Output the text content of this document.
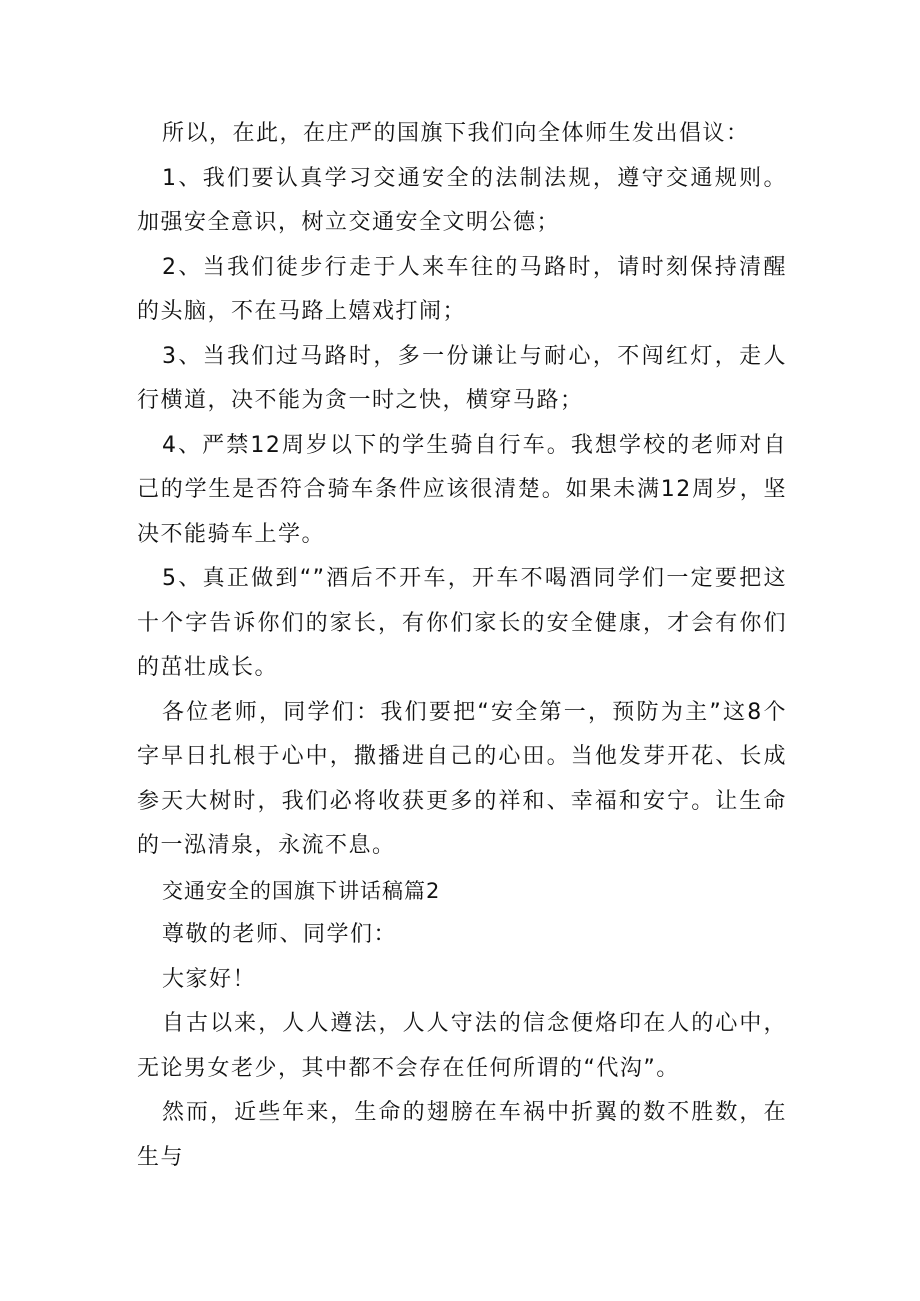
所以，在此，在庄严的国旗下我们向全体师生发出倡议：

1、我们要认真学习交通安全的法制法规，遵守交通规则。加强安全意识，树立交通安全文明公德；

2、当我们徒步行走于人来车往的马路时，请时刻保持清醒的头脑，不在马路上嬉戏打闹；

3、当我们过马路时，多一份谦让与耐心，不闯红灯，走人行横道，决不能为贪一时之快，横穿马路；

4、严禁12周岁以下的学生骑自行车。我想学校的老师对自己的学生是否符合骑车条件应该很清楚。如果未满12周岁，坚决不能骑车上学。

5、真正做到“”酒后不开车，开车不喝酒同学们一定要把这十个字告诉你们的家长，有你们家长的安全健康，才会有你们的茁壮成长。

各位老师，同学们：我们要把“安全第一，预防为主”这8个字早日扎根于心中，撒播进自己的心田。当他发芽开花、长成参天大树时，我们必将收获更多的祥和、幸福和安宁。让生命的一泓清泉，永流不息。

交通安全的国旗下讲话稿篇2

尊敬的老师、同学们：

大家好！

自古以来，人人遵法，人人守法的信念便烙印在人的心中，无论男女老少，其中都不会存在任何所谓的“代沟”。

然而，近些年来，生命的翅膀在车祸中折翼的数不胜数，在生与
